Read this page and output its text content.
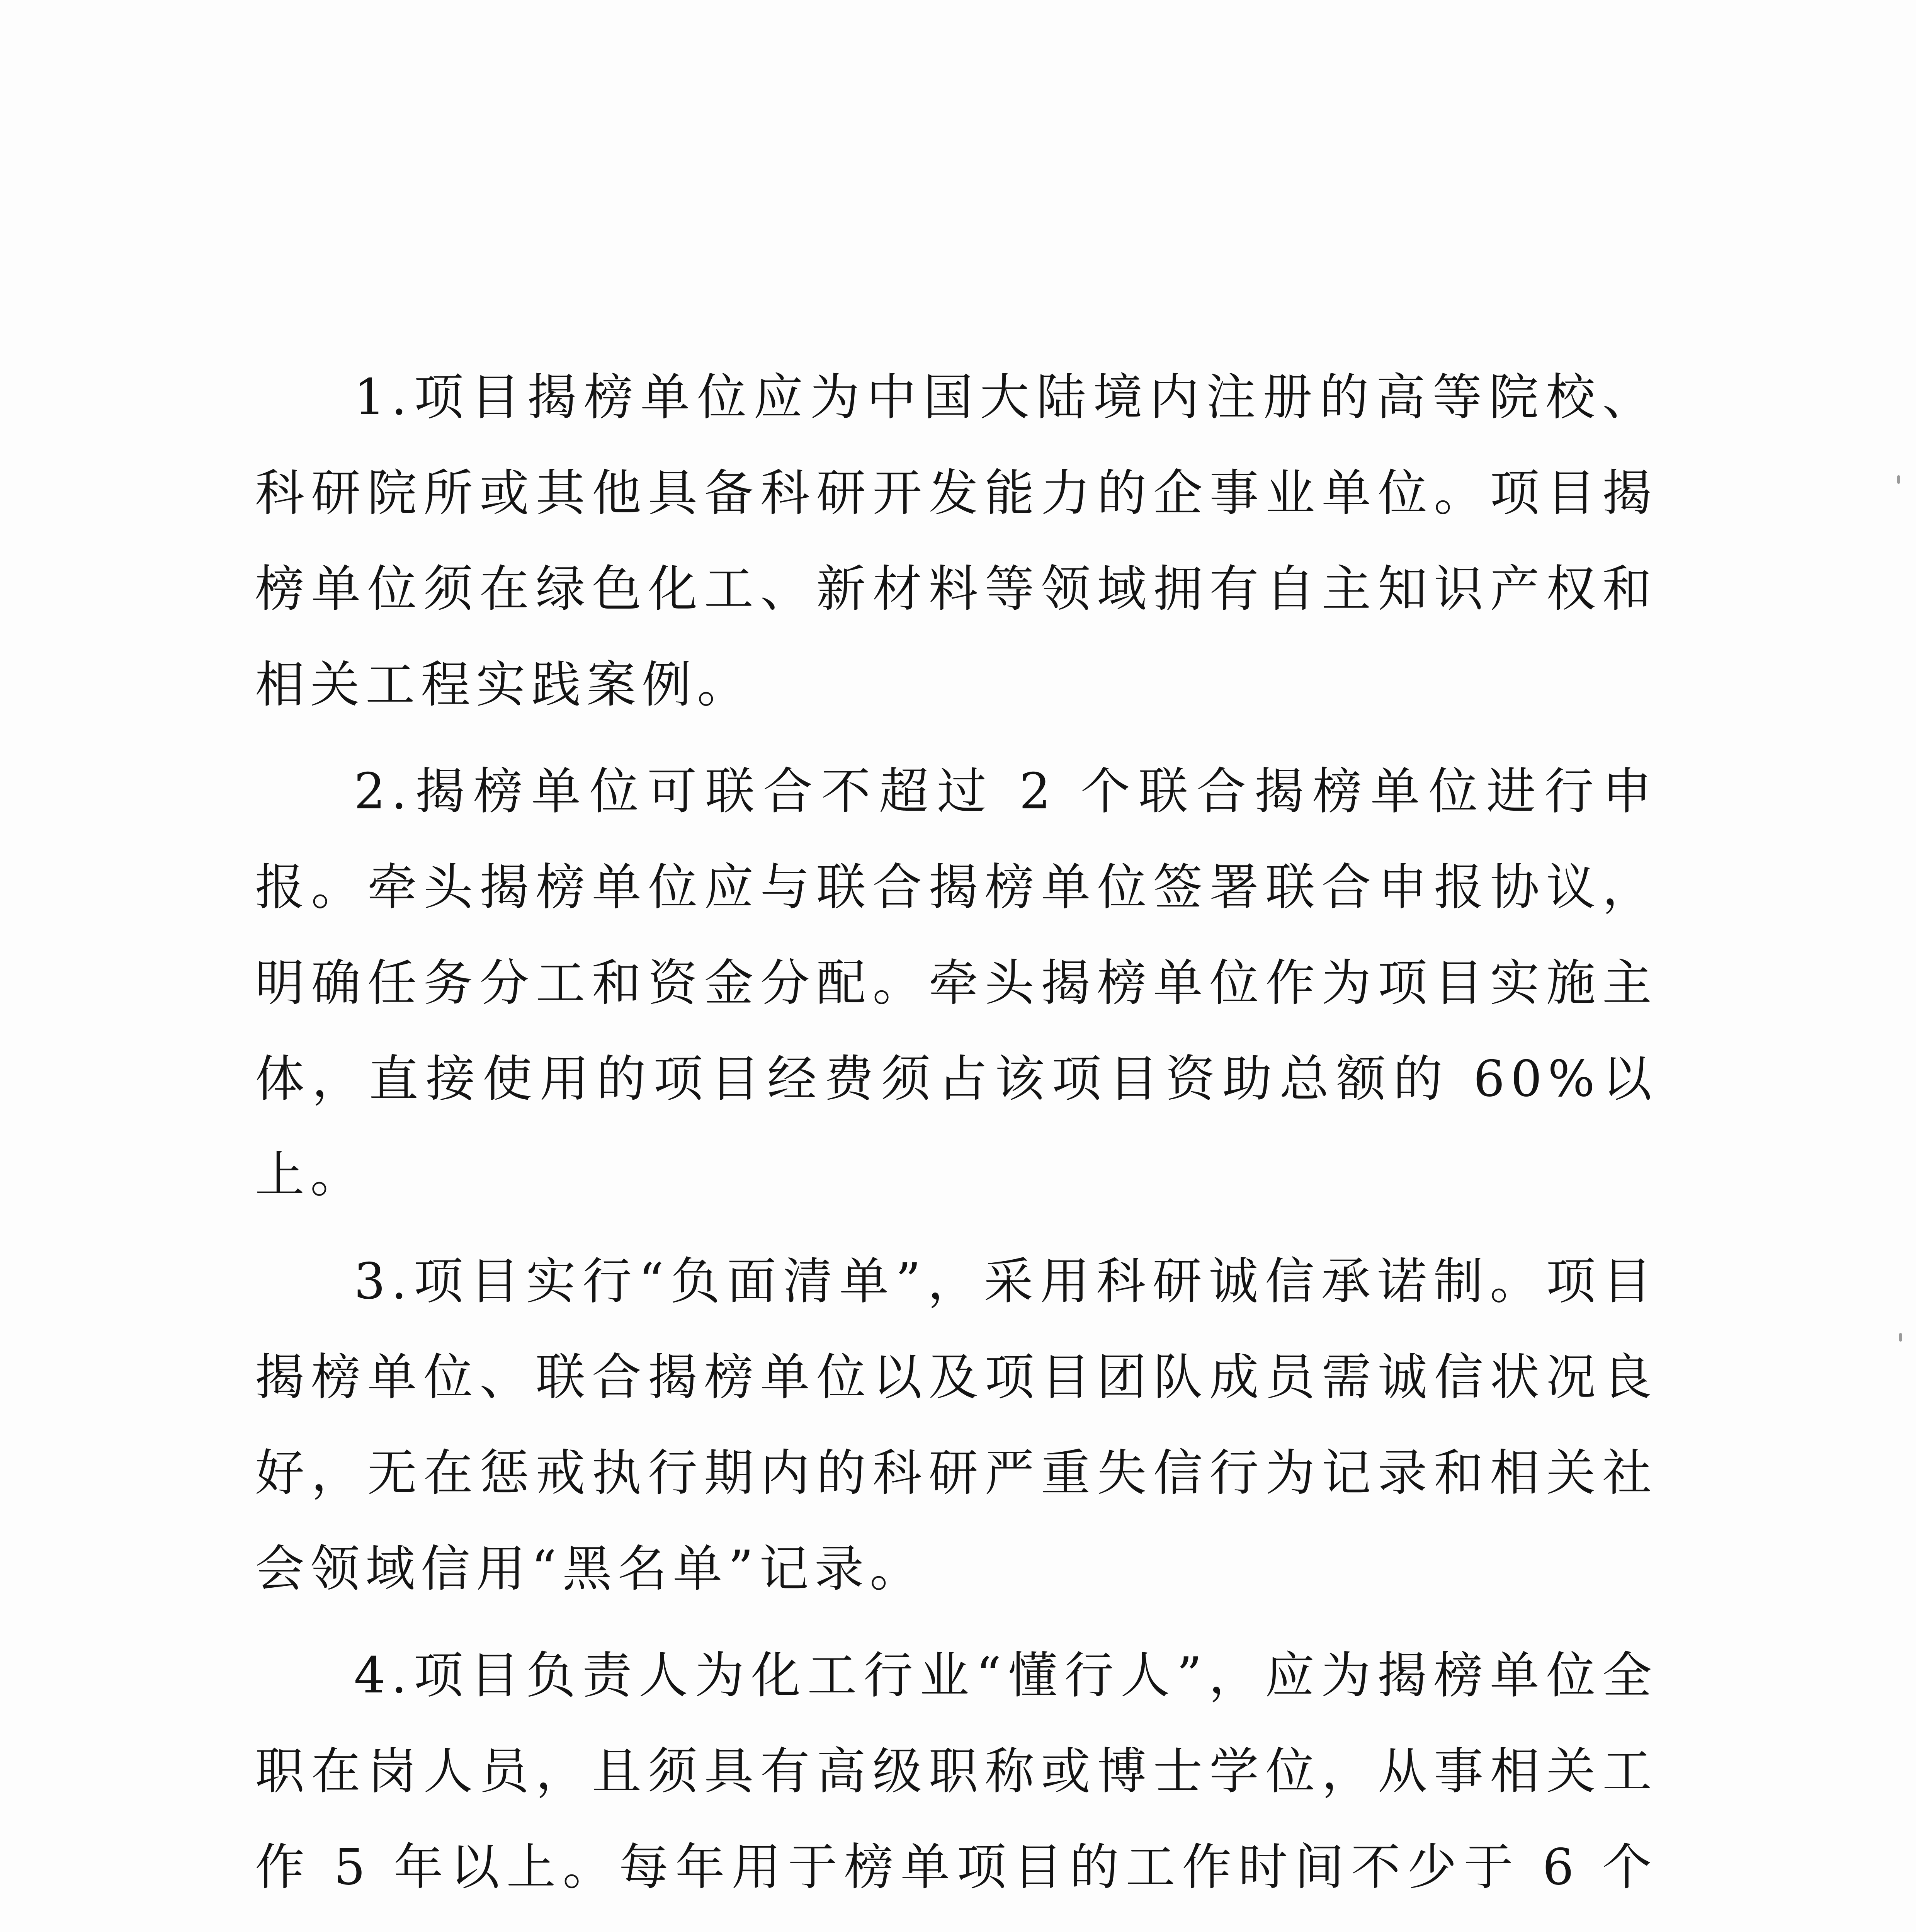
1.项目揭榜单位应为中国大陆境内注册的高等院校、科研院所或其他具备科研开发能力的企事业单位。项目揭榜单位须在绿色化工、新材料等领域拥有自主知识产权和相关工程实践案例。

2.揭榜单位可联合不超过 2 个联合揭榜单位进行申报。牵头揭榜单位应与联合揭榜单位签署联合申报协议，明确任务分工和资金分配。牵头揭榜单位作为项目实施主体，直接使用的项目经费须占该项目资助总额的 60%以上。

3.项目实行“负面清单”，采用科研诚信承诺制。项目揭榜单位、联合揭榜单位以及项目团队成员需诚信状况良好，无在惩戒执行期内的科研严重失信行为记录和相关社会领域信用“黑名单”记录。

4.项目负责人为化工行业“懂行人”，应为揭榜单位全职在岗人员，且须具有高级职称或博士学位，从事相关工作 5 年以上。每年用于榜单项目的工作时间不少于 6 个
